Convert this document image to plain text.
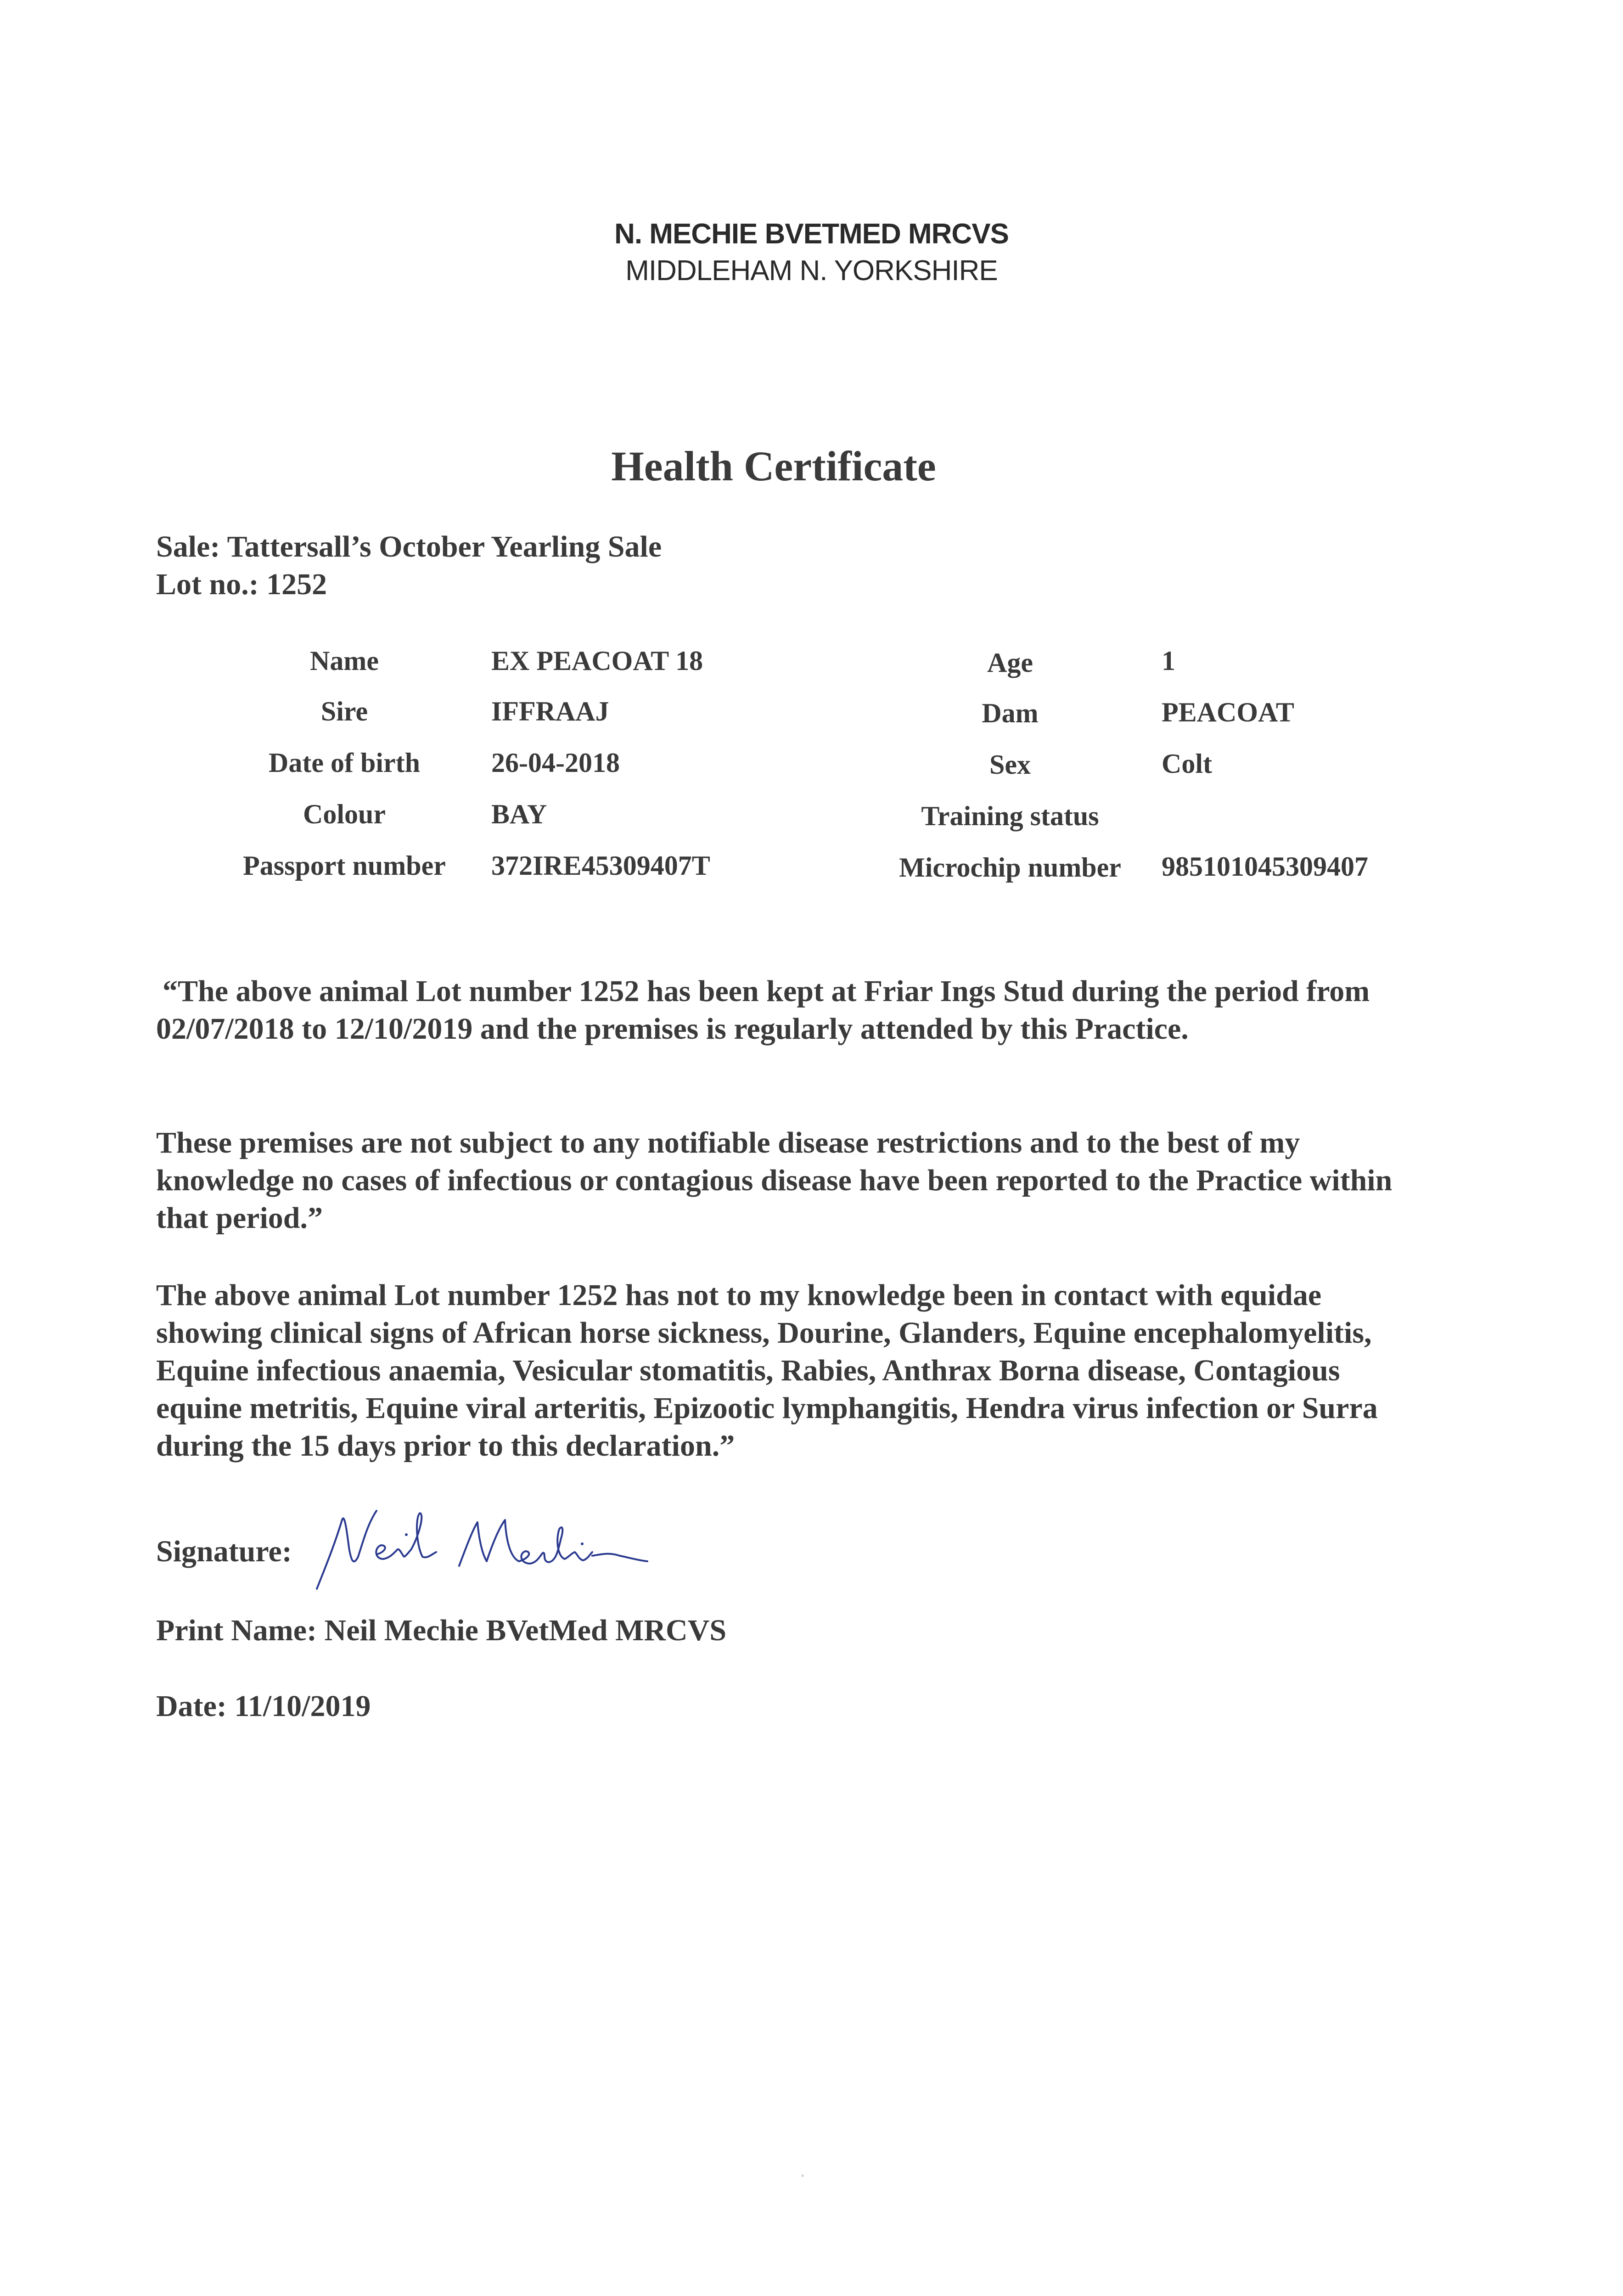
N. MECHIE BVETMED MRCVS
MIDDLEHAM N. YORKSHIRE
Health Certificate
Sale: Tattersall’s October Yearling Sale
Lot no.: 1252
Name	EX PEACOAT 18	Age	1
Sire	IFFRAAJ	Dam	PEACOAT
Date of birth	26-04-2018	Sex	Colt
Colour	BAY	Training status
Passport number	372IRE45309407T	Microchip number	985101045309407
“The above animal Lot number 1252 has been kept at Friar Ings Stud during the period from 02/07/2018 to 12/10/2019 and the premises is regularly attended by this Practice.
These premises are not subject to any notifiable disease restrictions and to the best of my knowledge no cases of infectious or contagious disease have been reported to the Practice within that period.”
The above animal Lot number 1252 has not to my knowledge been in contact with equidae showing clinical signs of African horse sickness, Dourine, Glanders, Equine encephalomyelitis, Equine infectious anaemia, Vesicular stomatitis, Rabies, Anthrax Borna disease, Contagious equine metritis, Equine viral arteritis, Epizootic lymphangitis, Hendra virus infection or Surra during the 15 days prior to this declaration.”
Signature:
Print Name: Neil Mechie BVetMed MRCVS
Date: 11/10/2019
